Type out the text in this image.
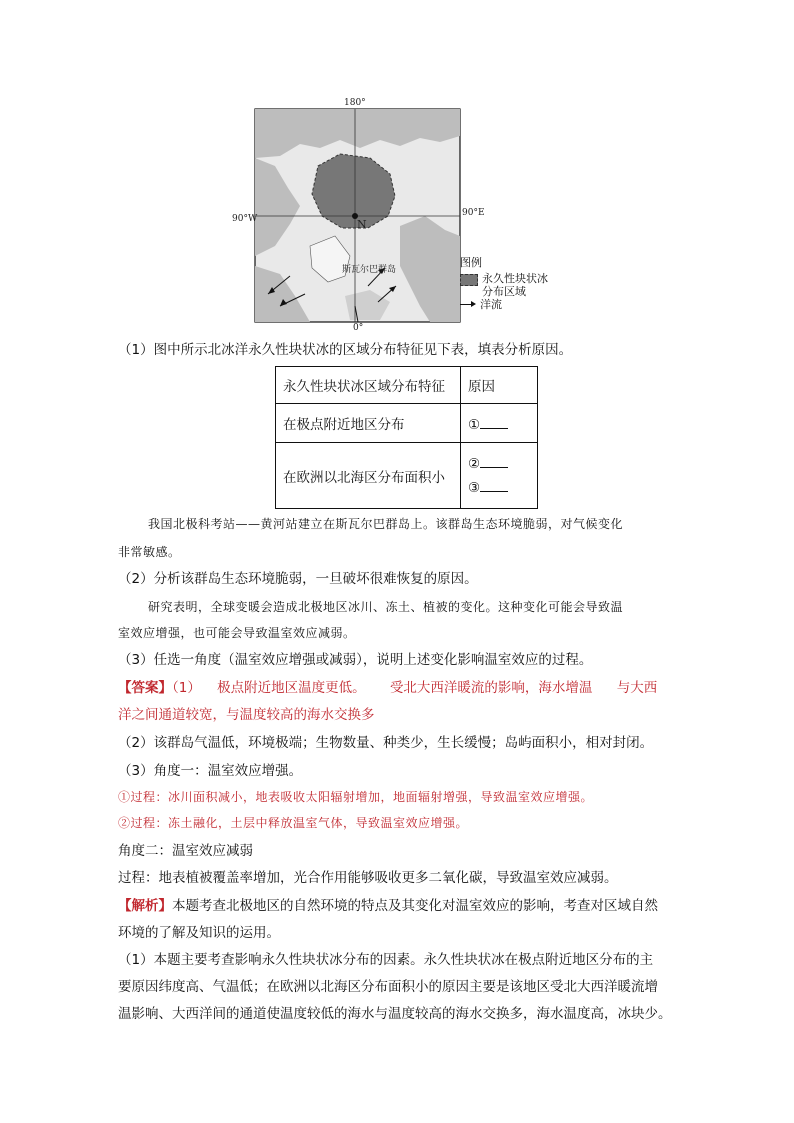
180°
0°
90°W
90°E
N
斯瓦尔巴群岛
图例
永久性块状冰分布区域
洋流
（1）图中所示北冰洋永久性块状冰的区域分布特征见下表，填表分析原因。
永久性块状冰区域分布特征	原因
在极点附近地区分布	①
在欧洲以北海区分布面积小	②
③
我国北极科考站——黄河站建立在斯瓦尔巴群岛上。该群岛生态环境脆弱，对气候变化
非常敏感。
（2）分析该群岛生态环境脆弱，一旦破坏很难恢复的原因。
研究表明，全球变暖会造成北极地区冰川、冻土、植被的变化。这种变化可能会导致温
室效应增强，也可能会导致温室效应减弱。
（3）任选一角度（温室效应增强或减弱），说明上述变化影响温室效应的过程。
【答案】（1） 极点附近地区温度更低。 受北大西洋暖流的影响，海水增温 与大西
洋之间通道较宽，与温度较高的海水交换多
（2）该群岛气温低，环境极端；生物数量、种类少，生长缓慢；岛屿面积小，相对封闭。
（3）角度一：温室效应增强。
①过程：冰川面积减小，地表吸收太阳辐射增加，地面辐射增强，导致温室效应增强。
②过程：冻土融化，土层中释放温室气体，导致温室效应增强。
角度二：温室效应减弱
过程：地表植被覆盖率增加，光合作用能够吸收更多二氧化碳，导致温室效应减弱。
【解析】本题考查北极地区的自然环境的特点及其变化对温室效应的影响，考查对区域自然
环境的了解及知识的运用。
（1）本题主要考查影响永久性块状冰分布的因素。永久性块状冰在极点附近地区分布的主
要原因纬度高、气温低；在欧洲以北海区分布面积小的原因主要是该地区受北大西洋暖流增
温影响、大西洋间的通道使温度较低的海水与温度较高的海水交换多，海水温度高，冰块少。
